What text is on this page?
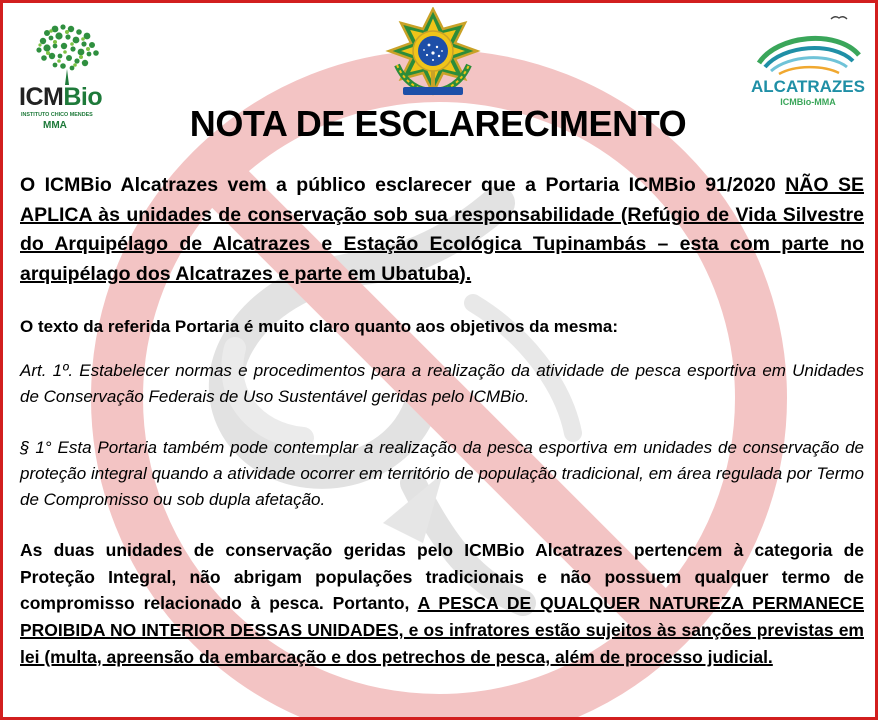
ICMBio
INSTITUTO CHICO MENDES
MMA
ALCATRAZES
ICMBio-MMA
NOTA DE ESCLARECIMENTO

O ICMBio Alcatrazes vem a público esclarecer que a Portaria ICMBio 91/2020 NÃO SE APLICA às unidades de conservação sob sua responsabilidade (Refúgio de Vida Silvestre do Arquipélago de Alcatrazes e Estação Ecológica Tupinambás – esta com parte no arquipélago dos Alcatrazes e parte em Ubatuba).

O texto da referida Portaria é muito claro quanto aos objetivos da mesma:

Art. 1º. Estabelecer normas e procedimentos para a realização da atividade de pesca esportiva em Unidades de Conservação Federais de Uso Sustentável geridas pelo ICMBio.

§ 1° Esta Portaria também pode contemplar a realização da pesca esportiva em unidades de conservação de proteção integral quando a atividade ocorrer em território de população tradicional, em área regulada por Termo de Compromisso ou sob dupla afetação.

As duas unidades de conservação geridas pelo ICMBio Alcatrazes pertencem à categoria de Proteção Integral, não abrigam populações tradicionais e não possuem qualquer termo de compromisso relacionado à pesca. Portanto, A PESCA DE QUALQUER NATUREZA PERMANECE PROIBIDA NO INTERIOR DESSAS UNIDADES, e os infratores estão sujeitos às sanções previstas em lei (multa, apreensão da embarcação e dos petrechos de pesca, além de processo judicial.
